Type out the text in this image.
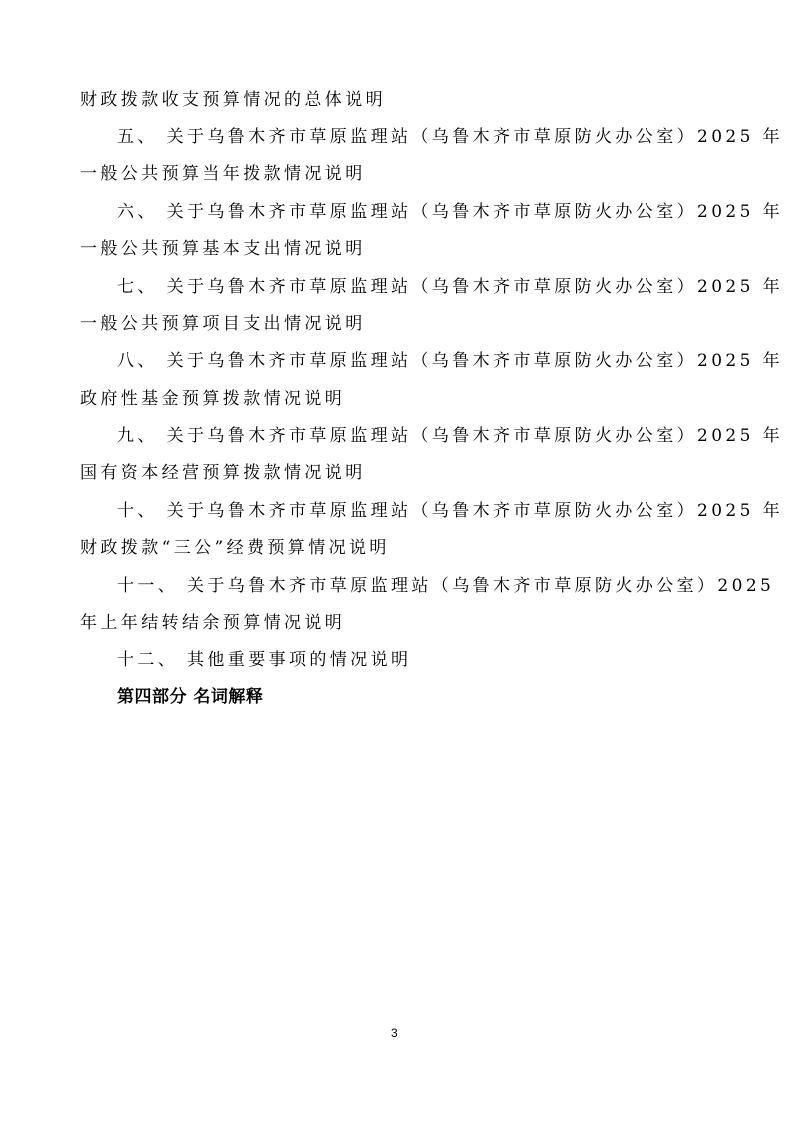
财政拨款收支预算情况的总体说明
五、 关于乌鲁木齐市草原监理站（乌鲁木齐市草原防火办公室）2025 年
一般公共预算当年拨款情况说明
六、 关于乌鲁木齐市草原监理站（乌鲁木齐市草原防火办公室）2025 年
一般公共预算基本支出情况说明
七、 关于乌鲁木齐市草原监理站（乌鲁木齐市草原防火办公室）2025 年
一般公共预算项目支出情况说明
八、 关于乌鲁木齐市草原监理站（乌鲁木齐市草原防火办公室）2025 年
政府性基金预算拨款情况说明
九、 关于乌鲁木齐市草原监理站（乌鲁木齐市草原防火办公室）2025 年
国有资本经营预算拨款情况说明
十、 关于乌鲁木齐市草原监理站（乌鲁木齐市草原防火办公室）2025 年
财政拨款“三公”经费预算情况说明
十一、 关于乌鲁木齐市草原监理站（乌鲁木齐市草原防火办公室）2025
年上年结转结余预算情况说明
十二、 其他重要事项的情况说明
第四部分 名词解释
3
